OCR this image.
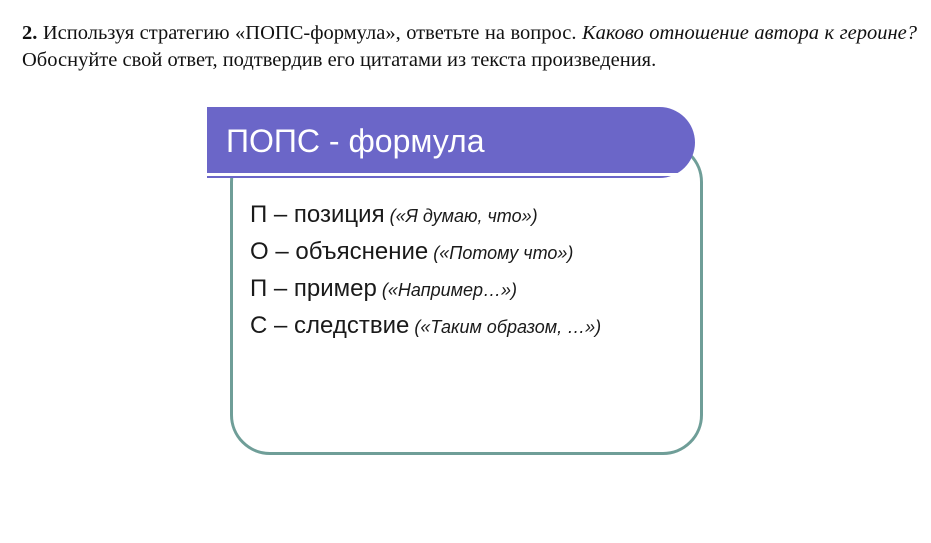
2. Используя стратегию «ПОПС-формула», ответьте на вопрос. Каково отношение автора к героине? Обоснуйте свой ответ, подтвердив его цитатами из текста произведения.

ПОПС - формула
П – позиция («Я думаю, что»)
О – объяснение («Потому что»)
П – пример («Например…»)
С – следствие («Таким образом, …»)
